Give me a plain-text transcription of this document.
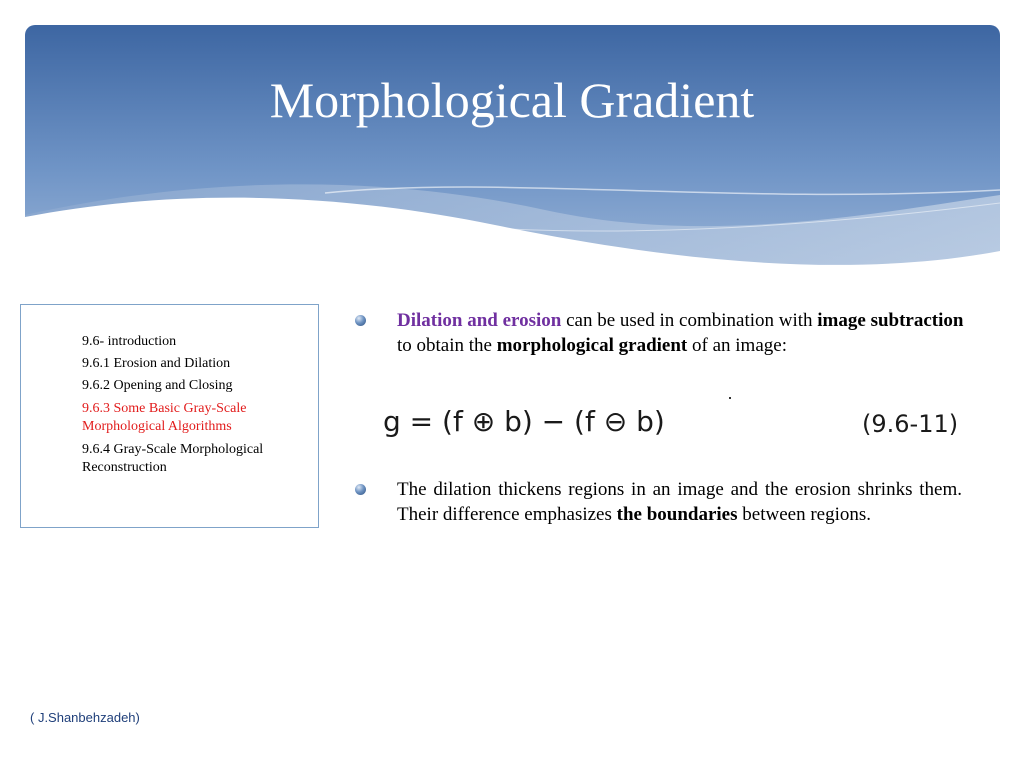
Morphological Gradient
9.6- introduction
9.6.1 Erosion and Dilation
9.6.2 Opening and Closing
9.6.3 Some Basic Gray-Scale Morphological Algorithms
9.6.4 Gray-Scale Morphological Reconstruction
Dilation and erosion can be used in combination with image subtraction to obtain the morphological gradient of an image:
g = (f ⊕ b) − (f ⊖ b)	(9.6-11)
The dilation thickens regions in an image and the erosion shrinks them. Their difference emphasizes the boundaries between regions.
( J.Shanbehzadeh)
